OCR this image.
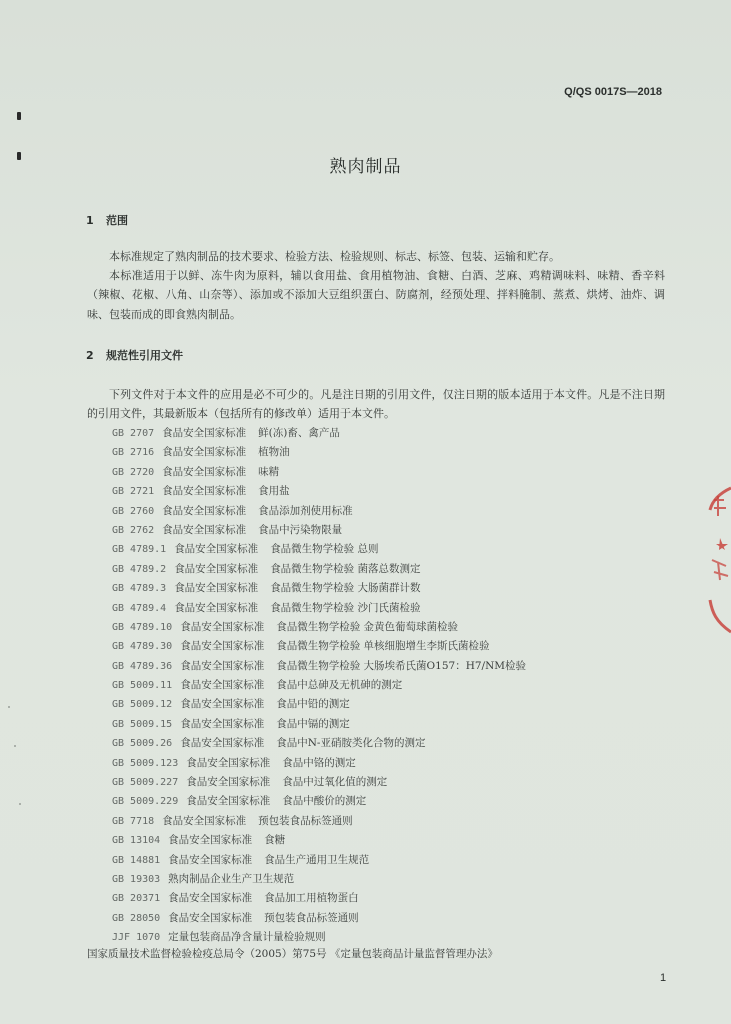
Q/QS 0017S—2018
熟肉制品
1 范围
本标准规定了熟肉制品的技术要求、检验方法、检验规则、标志、标签、包装、运输和贮存。
本标准适用于以鲜、冻牛肉为原料，辅以食用盐、食用植物油、食糖、白酒、芝麻、鸡精调味料、味精、香辛料（辣椒、花椒、八角、山奈等）、添加或不添加大豆组织蛋白、防腐剂，经预处理、拌料腌制、蒸煮、烘烤、油炸、调味、包装而成的即食熟肉制品。
2 规范性引用文件
下列文件对于本文件的应用是必不可少的。凡是注日期的引用文件，仅注日期的版本适用于本文件。凡是不注日期的引用文件，其最新版本（包括所有的修改单）适用于本文件。
GB 2707 食品安全国家标准 鲜(冻)畜、禽产品
GB 2716 食品安全国家标准 植物油
GB 2720 食品安全国家标准 味精
GB 2721 食品安全国家标准 食用盐
GB 2760 食品安全国家标准 食品添加剂使用标准
GB 2762 食品安全国家标准 食品中污染物限量
GB 4789.1 食品安全国家标准 食品微生物学检验 总则
GB 4789.2 食品安全国家标准 食品微生物学检验 菌落总数测定
GB 4789.3 食品安全国家标准 食品微生物学检验 大肠菌群计数
GB 4789.4 食品安全国家标准 食品微生物学检验 沙门氏菌检验
GB 4789.10 食品安全国家标准 食品微生物学检验 金黄色葡萄球菌检验
GB 4789.30 食品安全国家标准 食品微生物学检验 单核细胞增生李斯氏菌检验
GB 4789.36 食品安全国家标准 食品微生物学检验 大肠埃希氏菌O157：H7/NM检验
GB 5009.11 食品安全国家标准 食品中总砷及无机砷的测定
GB 5009.12 食品安全国家标准 食品中铅的测定
GB 5009.15 食品安全国家标准 食品中镉的测定
GB 5009.26 食品安全国家标准 食品中N-亚硝胺类化合物的测定
GB 5009.123 食品安全国家标准 食品中铬的测定
GB 5009.227 食品安全国家标准 食品中过氧化值的测定
GB 5009.229 食品安全国家标准 食品中酸价的测定
GB 7718 食品安全国家标准 预包装食品标签通则
GB 13104 食品安全国家标准 食糖
GB 14881 食品安全国家标准 食品生产通用卫生规范
GB 19303 熟肉制品企业生产卫生规范
GB 20371 食品安全国家标准 食品加工用植物蛋白
GB 28050 食品安全国家标准 预包装食品标签通则
JJF 1070 定量包装商品净含量计量检验规则
国家质量技术监督检验检疫总局令（2005）第75号 《定量包装商品计量监督管理办法》
1
